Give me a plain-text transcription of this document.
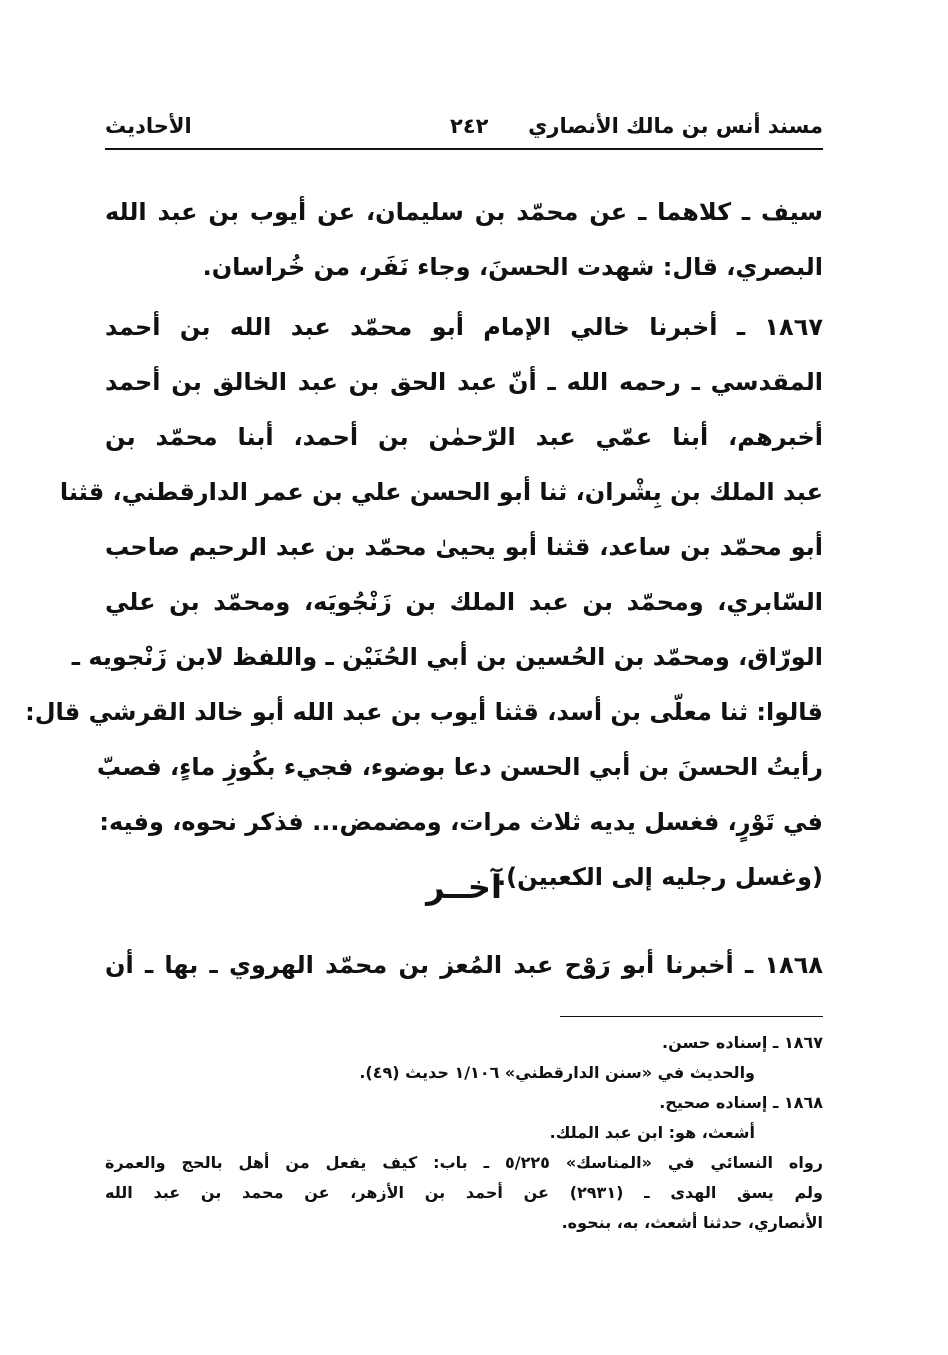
مسند أنس بن مالك الأنصاري
٢٤٢
الأحاديث
سيف ـ كلاهما ـ عن محمّد بن سليمان، عن أيوب بن عبد الله
البصري، قال: شهدت الحسنَ، وجاء نَفَر، من خُراسان.
١٨٦٧ ـ أخبرنا خالي الإمام أبو محمّد عبد الله بن أحمد
المقدسي ـ رحمه الله ـ أنّ عبد الحق بن عبد الخالق بن أحمد
أخبرهم، أبنا عمّي عبد الرّحمٰن بن أحمد، أبنا محمّد بن
عبد الملك بن بِشْران، ثنا أبو الحسن علي بن عمر الدارقطني، قثنا
أبو محمّد بن ساعد، قثنا أبو يحيىٰ محمّد بن عبد الرحيم صاحب
السّابري، ومحمّد بن عبد الملك بن زَنْجُويَه، ومحمّد بن علي
الورّاق، ومحمّد بن الحُسين بن أبي الحُنَيْن ـ واللفظ لابن زَنْجويه ـ
قالوا: ثنا معلّى بن أسد، قثنا أيوب بن عبد الله أبو خالد القرشي قال:
رأيتُ الحسنَ بن أبي الحسن دعا بوضوء، فجيء بكُوزِ ماءٍ، فصبّ
في تَوْرٍ، فغسل يديه ثلاث مرات، ومضمض... فذكر نحوه، وفيه:
(وغسل رجليه إلى الكعبين).
آخــر
١٨٦٨ ـ أخبرنا أبو رَوْح عبد المُعز بن محمّد الهروي ـ بها ـ أن
١٨٦٧ ـ إسناده حسن.
والحديث في «سنن الدارقطني» ١/١٠٦ حديث (٤٩).
١٨٦٨ ـ إسناده صحيح.
أشعث، هو: ابن عبد الملك.
رواه النسائي في «المناسك» ٥/٢٢٥ ـ باب: كيف يفعل من أهل بالحج والعمرة
ولم يسق الهدى ـ (٢٩٣١) عن أحمد بن الأزهر، عن محمد بن عبد الله
الأنصاري، حدثنا أشعث، به، بنحوه.
